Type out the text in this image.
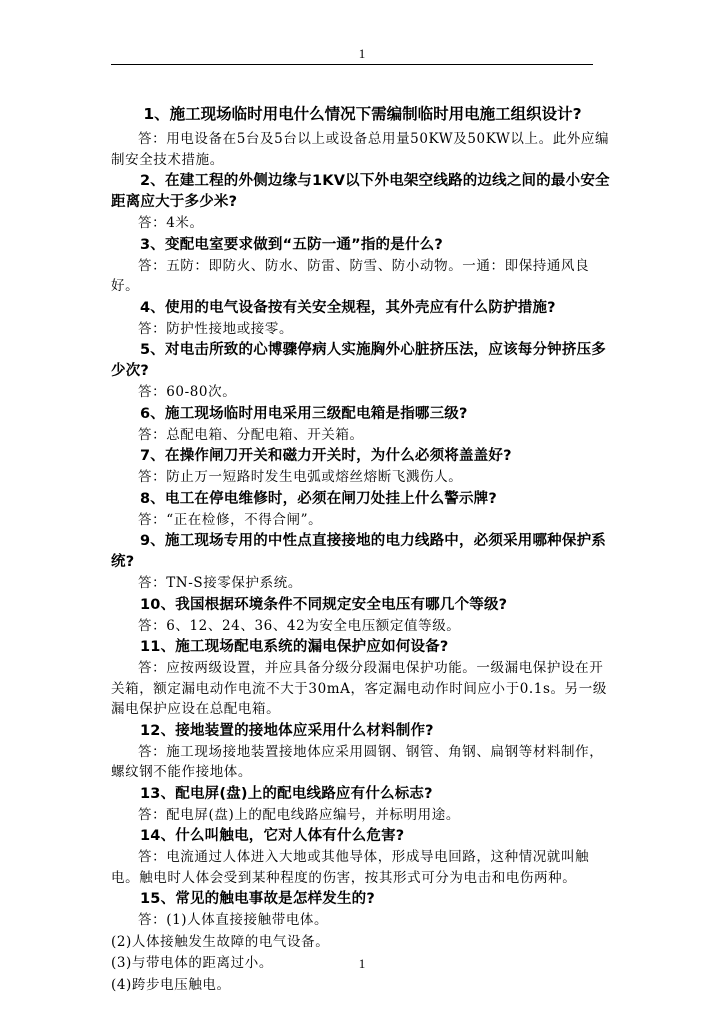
1

1、施工现场临时用电什么情况下需编制临时用电施工组织设计?

答：用电设备在5台及5台以上或设备总用量50KW及50KW以上。此外应编制安全技术措施。

2、在建工程的外侧边缘与1KV以下外电架空线路的边线之间的最小安全距离应大于多少米?

答：4米。

3、变配电室要求做到“五防一通”指的是什么?

答：五防：即防火、防水、防雷、防雪、防小动物。一通：即保持通风良好。

4、使用的电气设备按有关安全规程，其外壳应有什么防护措施?

答：防护性接地或接零。

5、对电击所致的心博骤停病人实施胸外心脏挤压法，应该每分钟挤压多少次?

答：60-80次。

6、施工现场临时用电采用三级配电箱是指哪三级?

答：总配电箱、分配电箱、开关箱。

7、在操作闸刀开关和磁力开关时，为什么必须将盖盖好?

答：防止万一短路时发生电弧或熔丝熔断飞溅伤人。

8、电工在停电维修时，必须在闸刀处挂上什么警示牌?

答：“正在检修，不得合闸”。

9、施工现场专用的中性点直接接地的电力线路中，必须采用哪种保护系统?

答：TN-S接零保护系统。

10、我国根据环境条件不同规定安全电压有哪几个等级?

答：6、12、24、36、42为安全电压额定值等级。

11、施工现场配电系统的漏电保护应如何设备?

答：应按两级设置，并应具备分级分段漏电保护功能。一级漏电保护设在开关箱，额定漏电动作电流不大于30mA，客定漏电动作时间应小于0.1s。另一级漏电保护应设在总配电箱。

12、接地装置的接地体应采用什么材料制作?

答：施工现场接地装置接地体应采用圆钢、钢管、角钢、扁钢等材料制作，螺纹钢不能作接地体。

13、配电屏(盘)上的配电线路应有什么标志?

答：配电屏(盘)上的配电线路应编号，并标明用途。

14、什么叫触电，它对人体有什么危害?

答：电流通过人体进入大地或其他导体，形成导电回路，这种情况就叫触电。触电时人体会受到某种程度的伤害，按其形式可分为电击和电伤两种。

15、常见的触电事故是怎样发生的?

答：(1)人体直接接触带电体。

(2)人体接触发生故障的电气设备。

(3)与带电体的距离过小。

(4)跨步电压触电。

1
